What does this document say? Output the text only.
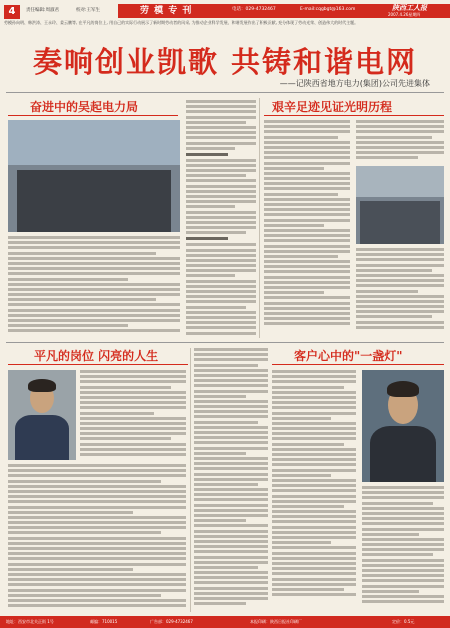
4	责任编辑:周淑君	校对:王军生	劳 模 专 刊	电话：029-4732467	E-mail:cqgbgt@163.com	陕西工人报
2007.4.26星期四
劳模孙向明、韩洪涛、王永玲、姜云鹏等, 在平凡的岗位上, 用自己的实际行动展示了新时期劳动者的风采, 为推动企业科学发展、和谐发展作出了积极贡献, 充分体现了劳动光荣、创造伟大的时代主题。
奏响创业凯歌 共铸和谐电网
——记陕西省地方电力(集团)公司先进集体
奋进中的吴起电力局	艰辛足迹见证光明历程
平凡的岗位 闪亮的人生	客户心中的"一盏灯"
地址：西安市北关正街 1号	邮编：710015	广告部：029-4732467	本报印刷：陕西日报社印刷厂	定价：0.5元
